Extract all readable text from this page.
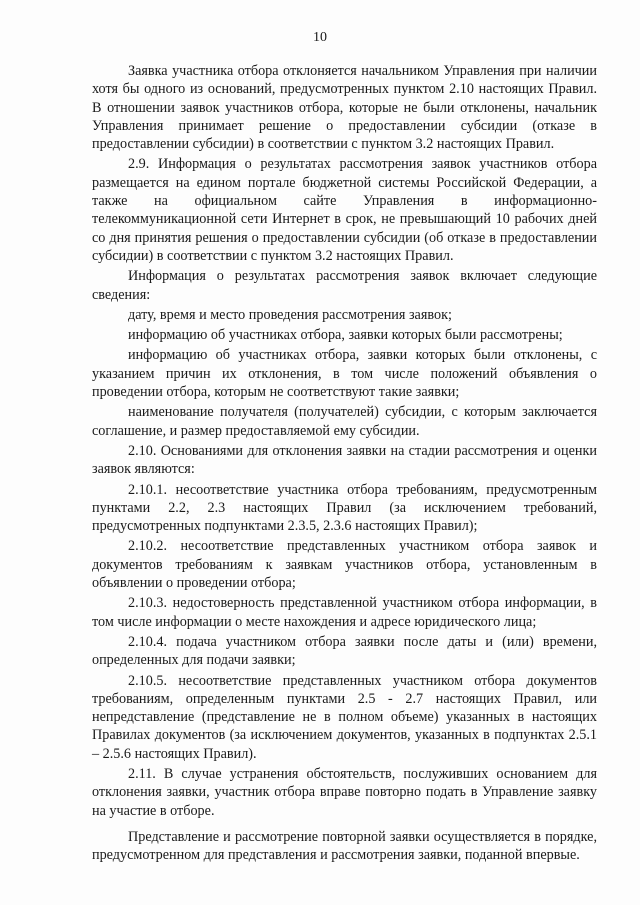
10

Заявка участника отбора отклоняется начальником Управления при наличии хотя бы одного из оснований, предусмотренных пунктом 2.10 настоящих Правил. В отношении заявок участников отбора, которые не были отклонены, начальник Управления принимает решение о предоставлении субсидии (отказе в предоставлении субсидии) в соответствии с пунктом 3.2 настоящих Правил.

2.9. Информация о результатах рассмотрения заявок участников отбора размещается на едином портале бюджетной системы Российской Федерации, а также на официальном сайте Управления в информационно-телекоммуникационной сети Интернет в срок, не превышающий 10 рабочих дней со дня принятия решения о предоставлении субсидии (об отказе в предоставлении субсидии) в соответствии с пунктом 3.2 настоящих Правил.

Информация о результатах рассмотрения заявок включает следующие сведения:

дату, время и место проведения рассмотрения заявок;

информацию об участниках отбора, заявки которых были рассмотрены;

информацию об участниках отбора, заявки которых были отклонены, с указанием причин их отклонения, в том числе положений объявления о проведении отбора, которым не соответствуют такие заявки;

наименование получателя (получателей) субсидии, с которым заключается соглашение, и размер предоставляемой ему субсидии.

2.10. Основаниями для отклонения заявки на стадии рассмотрения и оценки заявок являются:

2.10.1. несоответствие участника отбора требованиям, предусмотренным пунктами 2.2, 2.3 настоящих Правил (за исключением требований, предусмотренных подпунктами 2.3.5, 2.3.6 настоящих Правил);

2.10.2. несоответствие представленных участником отбора заявок и документов требованиям к заявкам участников отбора, установленным в объявлении о проведении отбора;

2.10.3. недостоверность представленной участником отбора информации, в том числе информации о месте нахождения и адресе юридического лица;

2.10.4. подача участником отбора заявки после даты и (или) времени, определенных для подачи заявки;

2.10.5. несоответствие представленных участником отбора документов требованиям, определенным пунктами 2.5 - 2.7 настоящих Правил, или непредставление (представление не в полном объеме) указанных в настоящих Правилах документов (за исключением документов, указанных в подпунктах 2.5.1 – 2.5.6 настоящих Правил).

2.11. В случае устранения обстоятельств, послуживших основанием для отклонения заявки, участник отбора вправе повторно подать в Управление заявку на участие в отборе.

Представление и рассмотрение повторной заявки осуществляется в порядке, предусмотренном для представления и рассмотрения заявки, поданной впервые.
